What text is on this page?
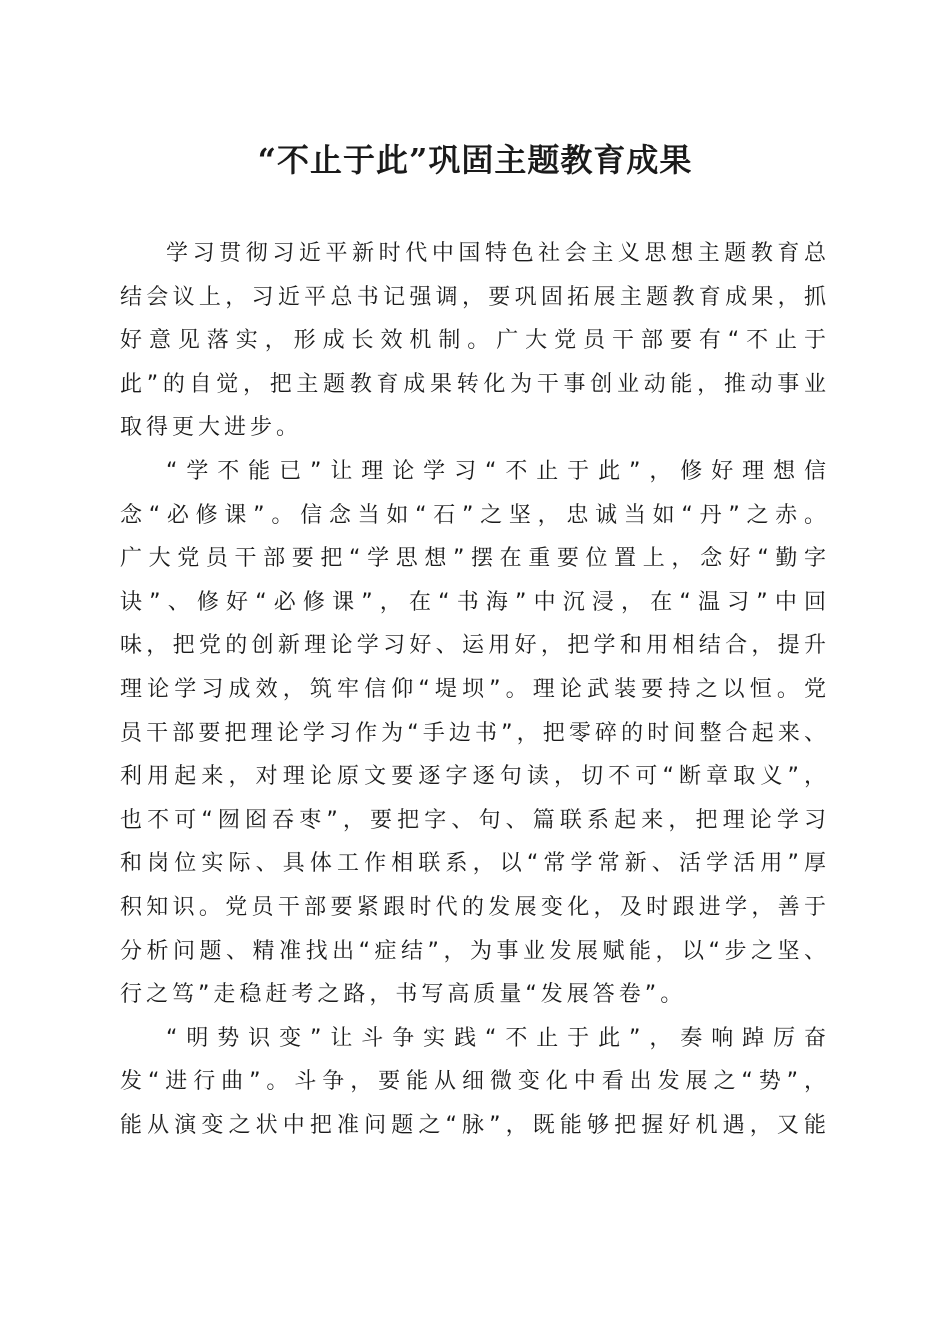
“不止于此”巩固主题教育成果
学习贯彻习近平新时代中国特色社会主义思想主题教育总
结会议上，习近平总书记强调，要巩固拓展主题教育成果，抓
好意见落实，形成长效机制。广大党员干部要有“不止于
此”的自觉，把主题教育成果转化为干事创业动能，推动事业
取得更大进步。
“学不能已”让理论学习“不止于此”，修好理想信
念“必修课”。信念当如“石”之坚，忠诚当如“丹”之赤。
广大党员干部要把“学思想”摆在重要位置上，念好“勤字
诀”、修好“必修课”，在“书海”中沉浸，在“温习”中回
味，把党的创新理论学习好、运用好，把学和用相结合，提升
理论学习成效，筑牢信仰“堤坝”。理论武装要持之以恒。党
员干部要把理论学习作为“手边书”，把零碎的时间整合起来、
利用起来，对理论原文要逐字逐句读，切不可“断章取义”，
也不可“囫囵吞枣”，要把字、句、篇联系起来，把理论学习
和岗位实际、具体工作相联系，以“常学常新、活学活用”厚
积知识。党员干部要紧跟时代的发展变化，及时跟进学，善于
分析问题、精准找出“症结”，为事业发展赋能，以“步之坚、
行之笃”走稳赶考之路，书写高质量“发展答卷”。
“明势识变”让斗争实践“不止于此”，奏响踔厉奋
发“进行曲”。斗争，要能从细微变化中看出发展之“势”，
能从演变之状中把准问题之“脉”，既能够把握好机遇，又能
